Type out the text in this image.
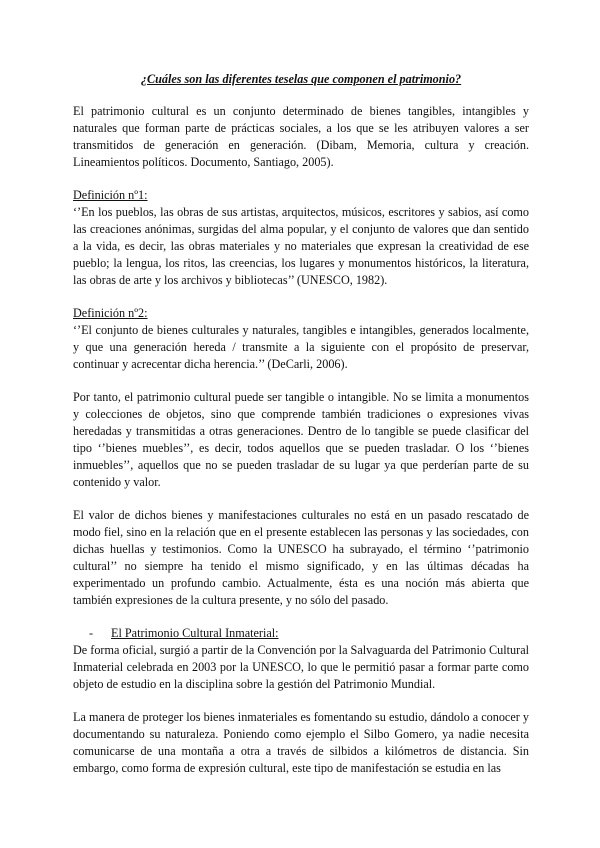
¿Cuáles son las diferentes teselas que componen el patrimonio?

El patrimonio cultural es un conjunto determinado de bienes tangibles, intangibles y naturales que forman parte de prácticas sociales, a los que se les atribuyen valores a ser transmitidos de generación en generación. (Dibam, Memoria, cultura y creación. Lineamientos políticos. Documento, Santiago, 2005).

Definición nº1:

‘’En los pueblos, las obras de sus artistas, arquitectos, músicos, escritores y sabios, así como las creaciones anónimas, surgidas del alma popular, y el conjunto de valores que dan sentido a la vida, es decir, las obras materiales y no materiales que expresan la creatividad de ese pueblo; la lengua, los ritos, las creencias, los lugares y monumentos históricos, la literatura, las obras de arte y los archivos y bibliotecas’’ (UNESCO, 1982).

Definición nº2:

‘’El conjunto de bienes culturales y naturales, tangibles e intangibles, generados localmente, y que una generación hereda / transmite a la siguiente con el propósito de preservar, continuar y acrecentar dicha herencia.’’ (DeCarli, 2006).

Por tanto, el patrimonio cultural puede ser tangible o intangible. No se limita a monumentos y colecciones de objetos, sino que comprende también tradiciones o expresiones vivas heredadas y transmitidas a otras generaciones. Dentro de lo tangible se puede clasificar del tipo ‘’bienes muebles’’, es decir, todos aquellos que se pueden trasladar. O los ‘’bienes inmuebles’’, aquellos que no se pueden trasladar de su lugar ya que perderían parte de su contenido y valor.

El valor de dichos bienes y manifestaciones culturales no está en un pasado rescatado de modo fiel, sino en la relación que en el presente establecen las personas y las sociedades, con dichas huellas y testimonios. Como la UNESCO ha subrayado, el término ‘’patrimonio cultural’’ no siempre ha tenido el mismo significado, y en las últimas décadas ha experimentado un profundo cambio. Actualmente, ésta es una noción más abierta que también expresiones de la cultura presente, y no sólo del pasado.

-	El Patrimonio Cultural Inmaterial:

De forma oficial, surgió a partir de la Convención por la Salvaguarda del Patrimonio Cultural Inmaterial celebrada en 2003 por la UNESCO, lo que le permitió pasar a formar parte como objeto de estudio en la disciplina sobre la gestión del Patrimonio Mundial.

La manera de proteger los bienes inmateriales es fomentando su estudio, dándolo a conocer y documentando su naturaleza. Poniendo como ejemplo el Silbo Gomero, ya nadie necesita comunicarse de una montaña a otra a través de silbidos a kilómetros de distancia. Sin embargo, como forma de expresión cultural, este tipo de manifestación se estudia en las
